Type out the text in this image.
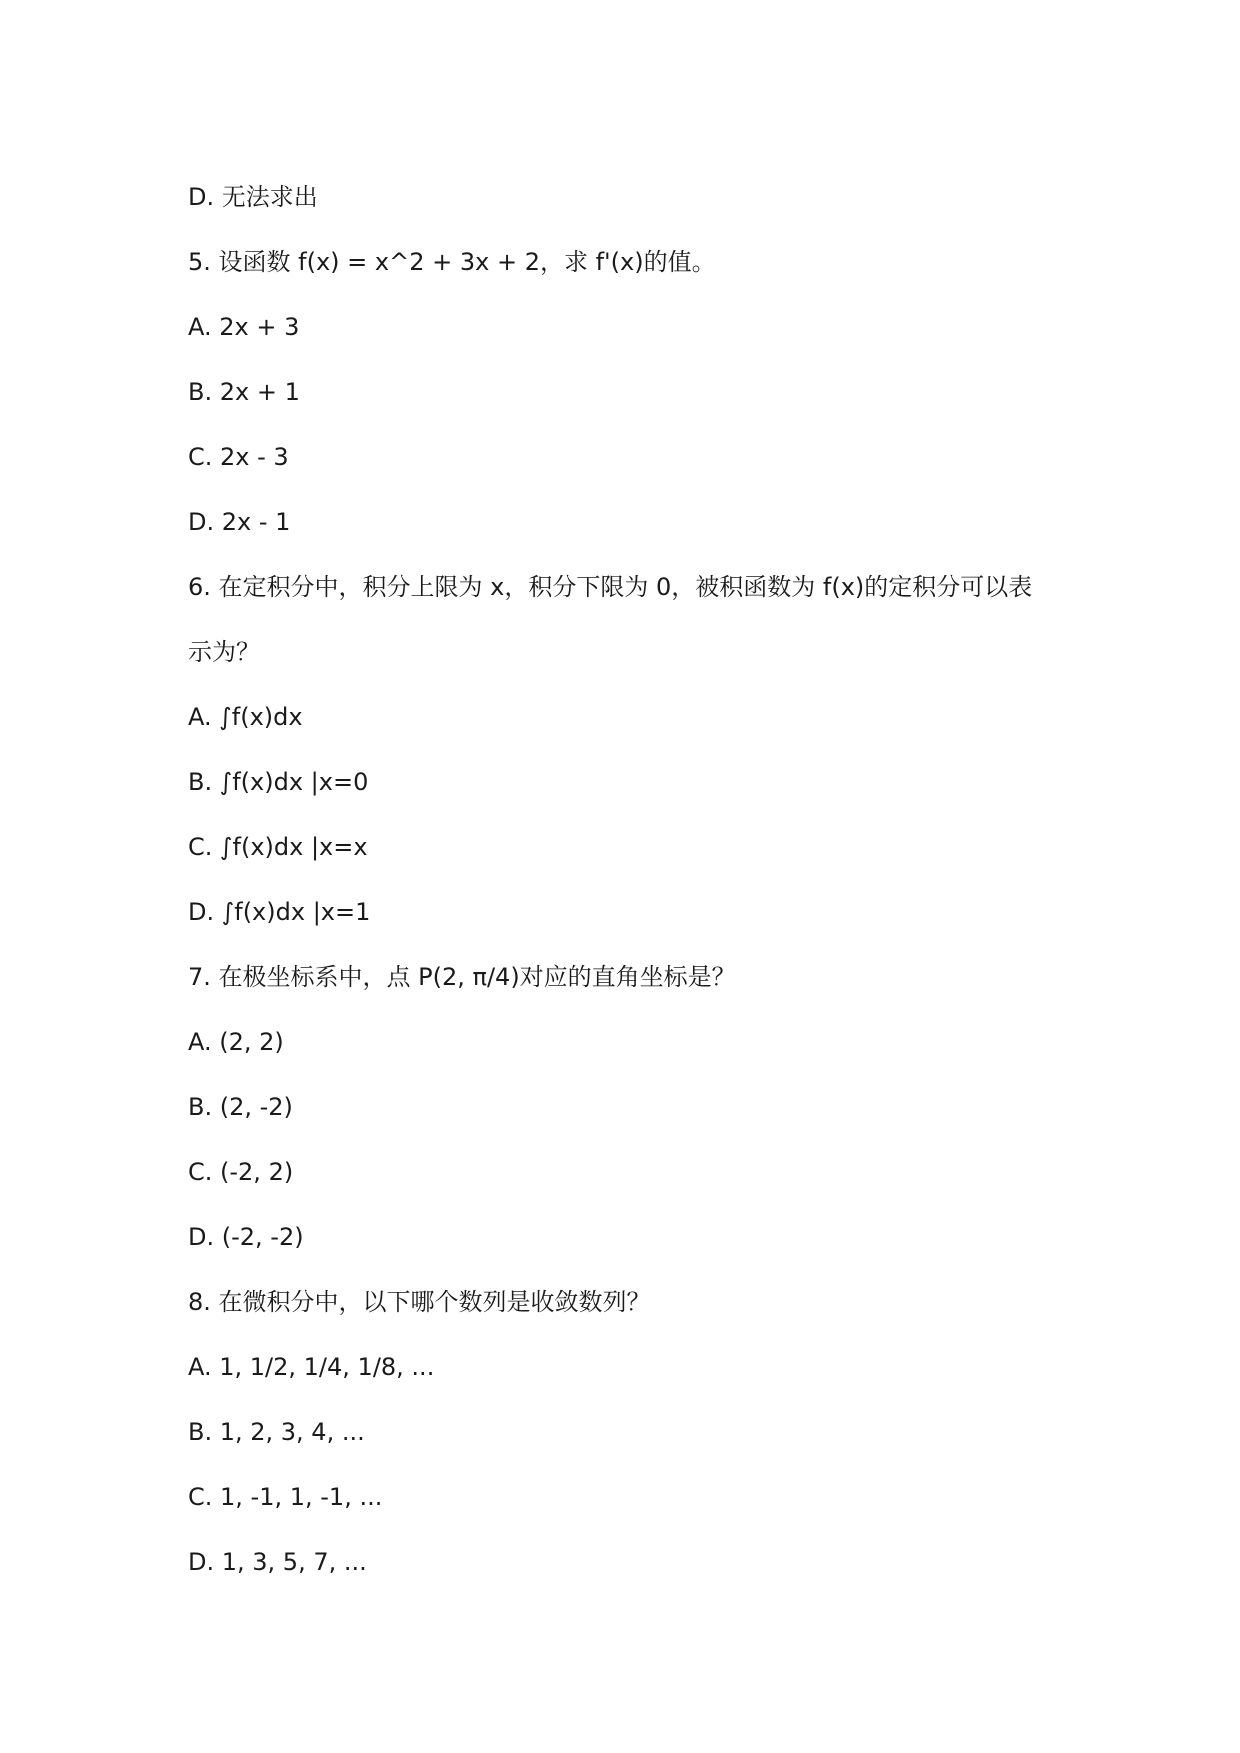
D. 无法求出

5. 设函数 f(x) = x^2 + 3x + 2，求 f'(x)的值。

A. 2x + 3

B. 2x + 1

C. 2x - 3

D. 2x - 1

6. 在定积分中，积分上限为 x，积分下限为 0，被积函数为 f(x)的定积分可以表

示为？

A. ∫f(x)dx

B. ∫f(x)dx |x=0

C. ∫f(x)dx |x=x

D. ∫f(x)dx |x=1

7. 在极坐标系中，点 P(2, π/4)对应的直角坐标是？

A. (2, 2)

B. (2, -2)

C. (-2, 2)

D. (-2, -2)

8. 在微积分中，以下哪个数列是收敛数列？

A. 1, 1/2, 1/4, 1/8, ...

B. 1, 2, 3, 4, ...

C. 1, -1, 1, -1, ...

D. 1, 3, 5, 7, ...
